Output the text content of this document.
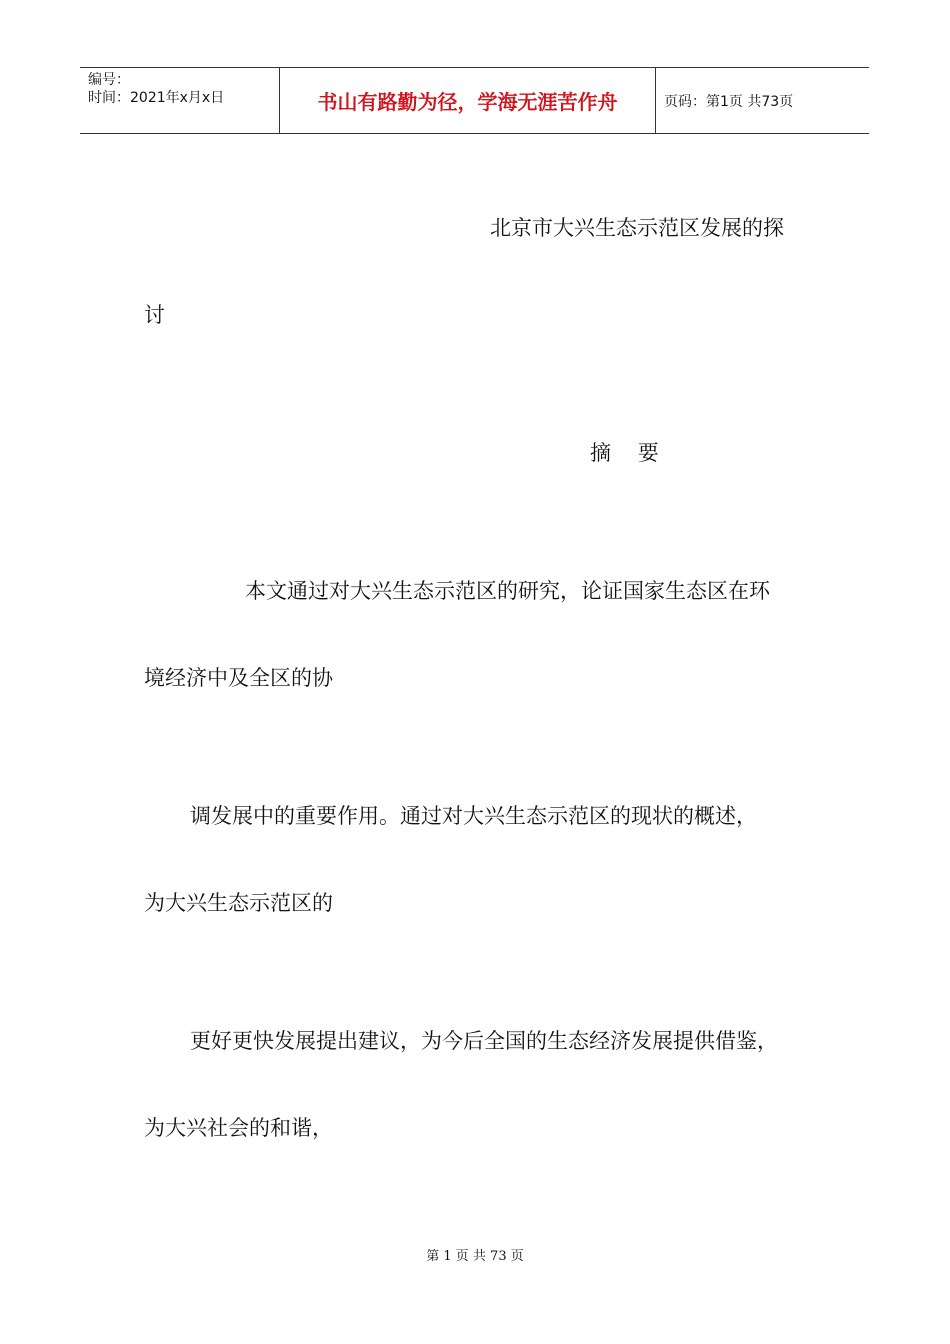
编号：
时间：2021年x月x日	书山有路勤为径，学海无涯苦作舟	页码：第1页 共73页
北京市大兴生态示范区发展的探
讨
摘    要
本文通过对大兴生态示范区的研究，论证国家生态区在环
境经济中及全区的协
调发展中的重要作用。通过对大兴生态示范区的现状的概述，
为大兴生态示范区的
更好更快发展提出建议，为今后全国的生态经济发展提供借鉴，
为大兴社会的和谐，
第 1 页 共 73 页
